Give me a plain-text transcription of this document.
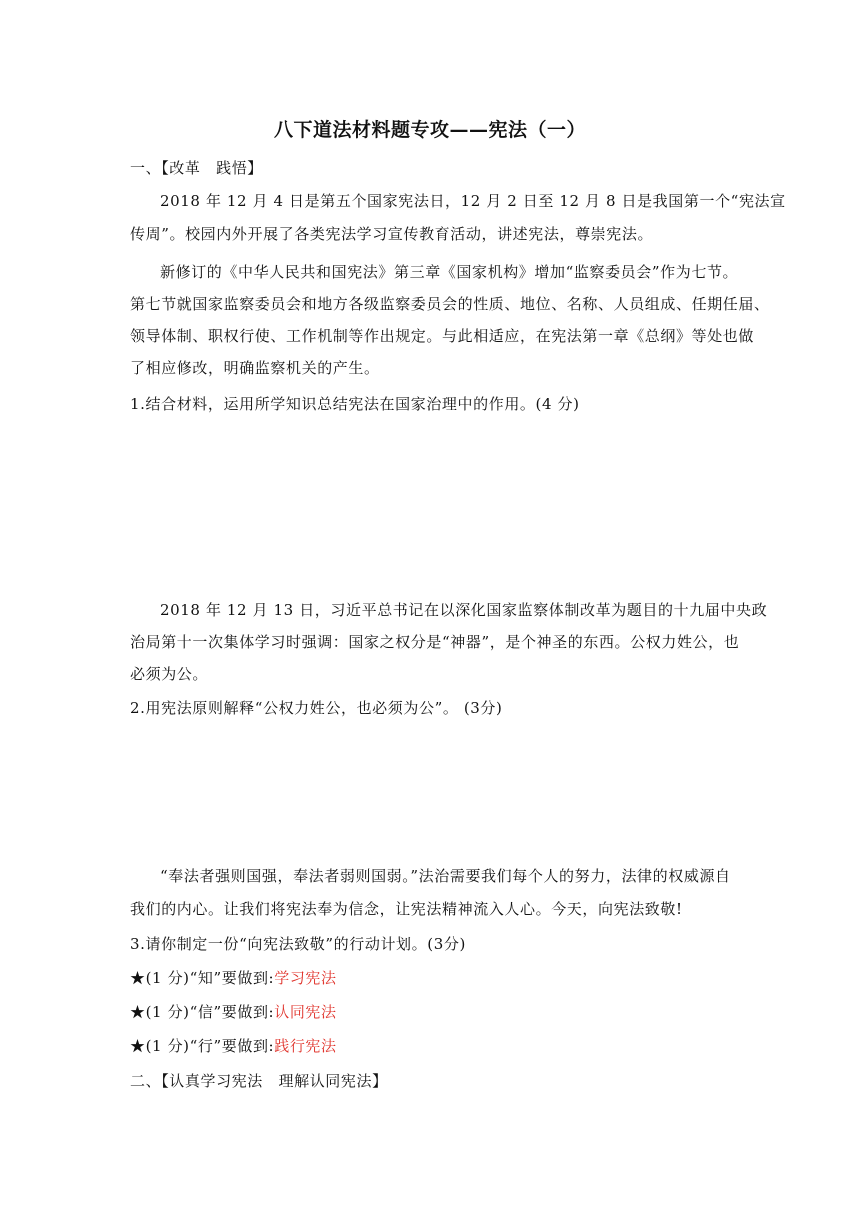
八下道法材料题专攻——宪法（一）
一、【改革　践悟】
2018 年 12 月 4 日是第五个国家宪法日，12 月 2 日至 12 月 8 日是我国第一个“宪法宣
传周”。校园内外开展了各类宪法学习宣传教育活动，讲述宪法，尊崇宪法。
新修订的《中华人民共和国宪法》第三章《国家机构》增加“监察委员会”作为七节。
第七节就国家监察委员会和地方各级监察委员会的性质、地位、名称、人员组成、任期任届、
领导体制、职权行使、工作机制等作出规定。与此相适应，在宪法第一章《总纲》等处也做
了相应修改，明确监察机关的产生。
1.结合材料，运用所学知识总结宪法在国家治理中的作用。(4 分)
2018 年 12 月 13 日，习近平总书记在以深化国家监察体制改革为题目的十九届中央政
治局第十一次集体学习时强调：国家之权分是“神器”，是个神圣的东西。公权力姓公，也
必须为公。
2.用宪法原则解释“公权力姓公，也必须为公”。 (3分)
“奉法者强则国强，奉法者弱则国弱。”法治需要我们每个人的努力，法律的权威源自
我们的内心。让我们将宪法奉为信念，让宪法精神流入人心。今天，向宪法致敬!
3.请你制定一份“向宪法致敬”的行动计划。(3分)
★(1 分)“知”要做到:学习宪法
★(1 分)“信”要做到:认同宪法
★(1 分)“行”要做到:践行宪法
二、【认真学习宪法　理解认同宪法】
